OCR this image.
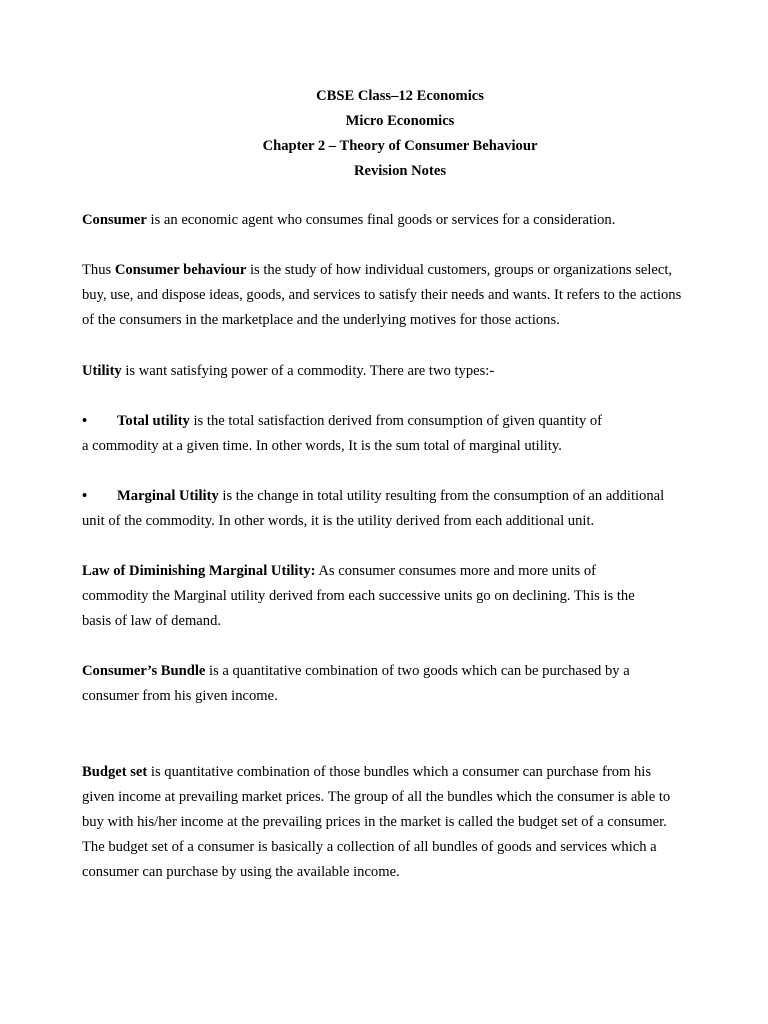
CBSE Class–12 Economics
Micro Economics
Chapter 2 – Theory of Consumer Behaviour
Revision Notes
Consumer is an economic agent who consumes final goods or services for a consideration.
Thus Consumer behaviour is the study of how individual customers, groups or organizations select,
buy, use, and dispose ideas, goods, and services to satisfy their needs and wants. It refers to the actions
of the consumers in the marketplace and the underlying motives for those actions.
Utility is want satisfying power of a commodity. There are two types:-
• Total utility is the total satisfaction derived from consumption of given quantity of
a commodity at a given time. In other words, It is the sum total of marginal utility.
• Marginal Utility is the change in total utility resulting from the consumption of an additional
unit of the commodity. In other words, it is the utility derived from each additional unit.
Law of Diminishing Marginal Utility: As consumer consumes more and more units of
commodity the Marginal utility derived from each successive units go on declining. This is the
basis of law of demand.
Consumer’s Bundle is a quantitative combination of two goods which can be purchased by a
consumer from his given income.
Budget set is quantitative combination of those bundles which a consumer can purchase from his
given income at prevailing market prices. The group of all the bundles which the consumer is able to
buy with his/her income at the prevailing prices in the market is called the budget set of a consumer.
The budget set of a consumer is basically a collection of all bundles of goods and services which a
consumer can purchase by using the available income.
